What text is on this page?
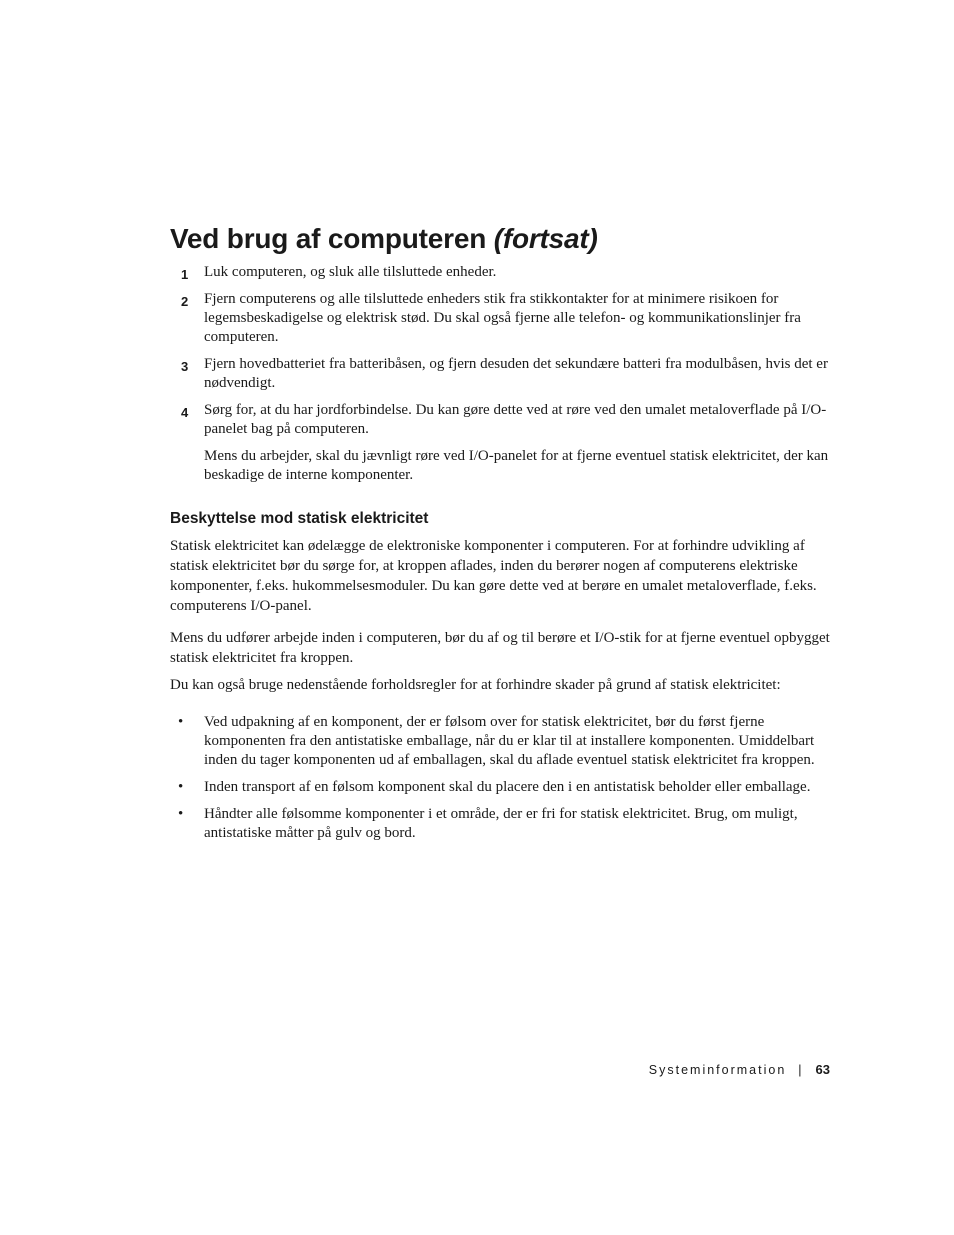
Ved brug af computeren (fortsat)
1 Luk computeren, og sluk alle tilsluttede enheder.

2 Fjern computerens og alle tilsluttede enheders stik fra stikkontakter for at minimere risikoen for legemsbeskadigelse og elektrisk stød. Du skal også fjerne alle telefon- og kommunikationslinjer fra computeren.

3 Fjern hovedbatteriet fra batteribåsen, og fjern desuden det sekundære batteri fra modulbåsen, hvis det er nødvendigt.

4 Sørg for, at du har jordforbindelse. Du kan gøre dette ved at røre ved den umalet metaloverflade på I/O-panelet bag på computeren.

Mens du arbejder, skal du jævnligt røre ved I/O-panelet for at fjerne eventuel statisk elektricitet, der kan beskadige de interne komponenter.

Beskyttelse mod statisk elektricitet

Statisk elektricitet kan ødelægge de elektroniske komponenter i computeren. For at forhindre udvikling af statisk elektricitet bør du sørge for, at kroppen aflades, inden du berører nogen af computerens elektriske komponenter, f.eks. hukommelsesmoduler. Du kan gøre dette ved at berøre en umalet metaloverflade, f.eks. computerens I/O-panel.

Mens du udfører arbejde inden i computeren, bør du af og til berøre et I/O-stik for at fjerne eventuel opbygget statisk elektricitet fra kroppen.

Du kan også bruge nedenstående forholdsregler for at forhindre skader på grund af statisk elektricitet:

• Ved udpakning af en komponent, der er følsom over for statisk elektricitet, bør du først fjerne komponenten fra den antistatiske emballage, når du er klar til at installere komponenten. Umiddelbart inden du tager komponenten ud af emballagen, skal du aflade eventuel statisk elektricitet fra kroppen.
• Inden transport af en følsom komponent skal du placere den i en antistatisk beholder eller emballage.
• Håndter alle følsomme komponenter i et område, der er fri for statisk elektricitet. Brug, om muligt, antistatiske måtter på gulv og bord.
Systeminformation | 63
